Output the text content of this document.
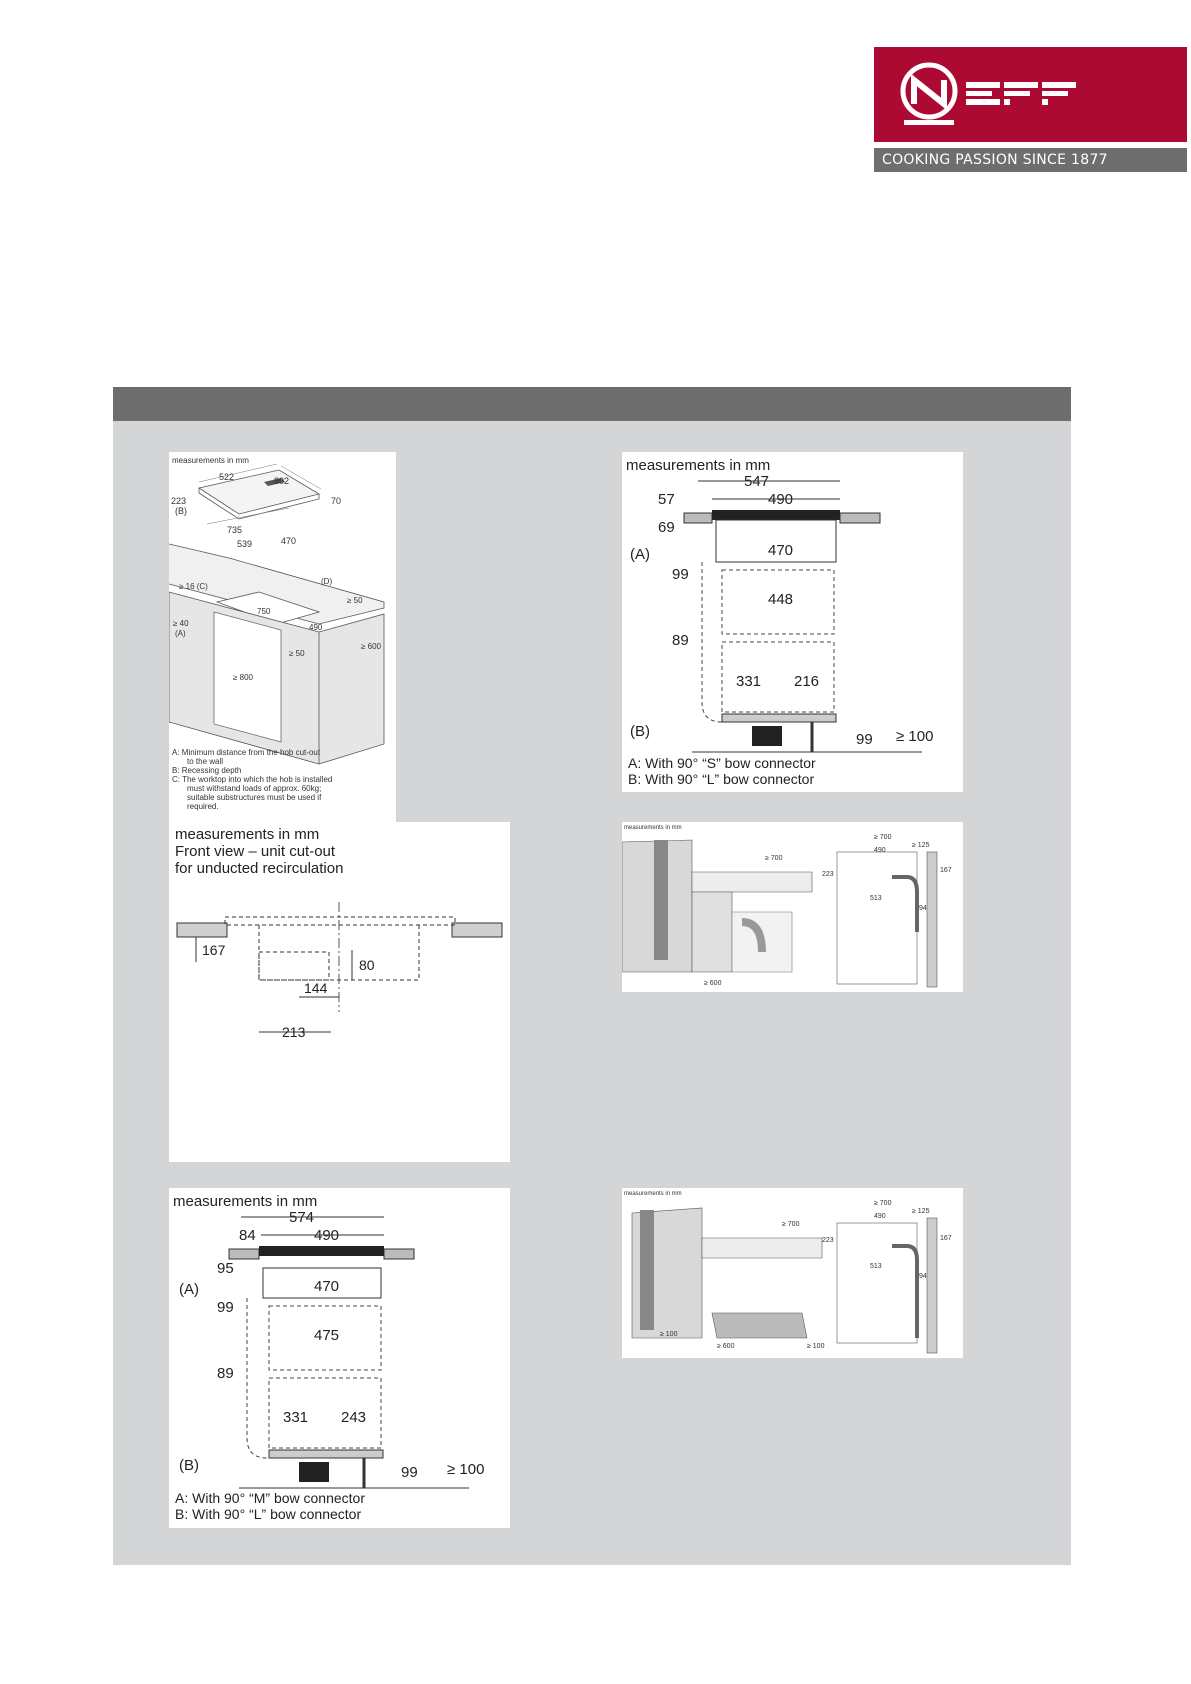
NEFF
COOKING PASSION SINCE 1877
measurements in mm
522	802
70
223
(B)
735
539	470
≥ 16 (C)
(D)
750
≥ 50
490
≥ 40
(A)
≥ 50
≥ 600
≥ 800
A: Minimum distance from the hob cut-out
to the wall
B: Recessing depth
C: The worktop into which the hob is installed
must withstand loads of approx. 60kg;
suitable substructures must be used if
required.
measurements in mm
Front view – unit cut-out
for unducted recirculation
167
80
144
213
measurements in mm
547
57	490
69
(A)	470
99
448
89
331 216
(B)	99 ≥ 100
A: With 90° “S” bow connector
B: With 90° “L” bow connector
measurements in mm
≥ 700
≥ 600
≥ 700
490
≥ 125
223
167
513
94
measurements in mm
574
84	490
95
(A)	470
99
475
89
331 243
(B)	99 ≥ 100
A: With 90° “M” bow connector
B: With 90° “L” bow connector
measurements in mm
≥ 700
≥ 100
≥ 600
≥ 700
490
≥ 125
223	167
513
94
≥ 100
